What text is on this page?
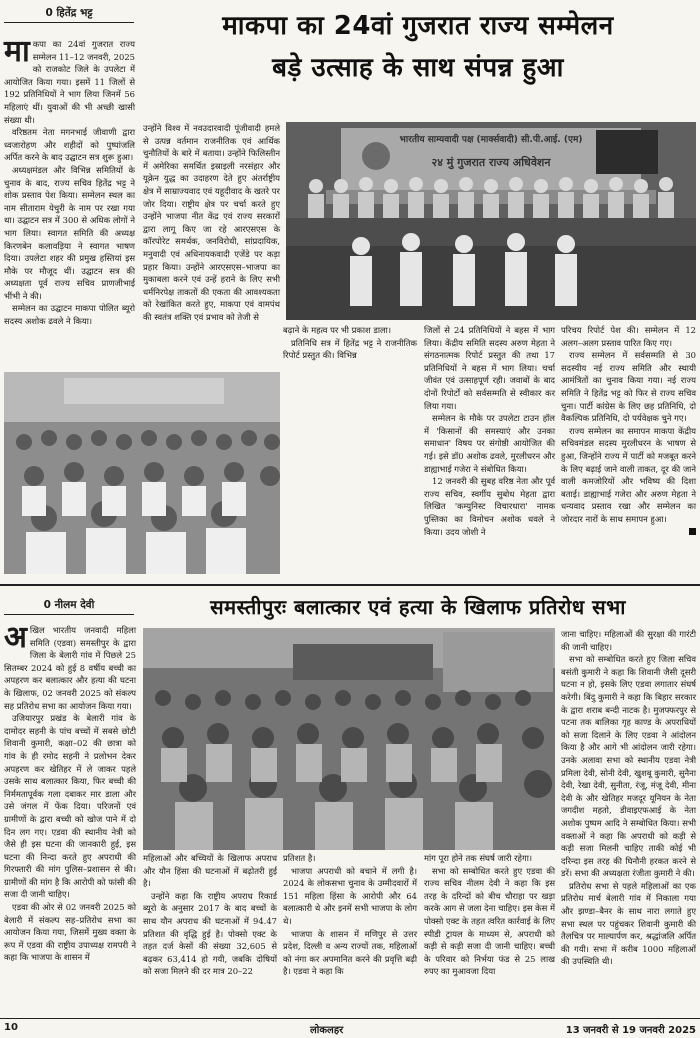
0 हितेंद्र भट्ट	माकपा का 24वां गुजरात राज्य सम्मेलन
बड़े उत्साह के साथ संपन्न हुआ

माकपा का 24वां गुजरात राज्य सम्मेलन 11–12 जनवरी, 2025 को राजकोट जिले के उपलेटा में आयोजित किया गया। इसमें 11 जिलों से 192 प्रतिनिधियों ने भाग लिया जिनमें 56 महिलाएं थीं। युवाओं की भी अच्छी खासी संख्या थी।

वरिष्ठतम नेता मगनभाई जीवाणी द्वारा ध्वजारोहण और शहीदों को पुष्पांजलि अर्पित करने के बाद उद्घाटन सत्र शुरू हुआ।

अध्यक्षमंडल और विभिन्न समितियों के चुनाव के बाद, राज्य सचिव हितेंद्र भट्ट ने शोक प्रस्ताव पेश किया। सम्मेलन स्थल का नाम सीताराम येचुरी के नाम पर रखा गया था। उद्घाटन सत्र में 300 से अधिक लोगों ने भाग लिया। स्वागत समिति की अध्यक्ष किरणबेन कलावड़िया ने स्वागत भाषण दिया। उपलेटा शहर की प्रमुख हस्तियां इस मौके पर मौजूद थीं। उद्घाटन सत्र की अध्यक्षता पूर्व राज्य सचिव प्राणजीभाई भींभी ने की।

सम्मेलन का उद्घाटन माकपा पोलित ब्यूरो सदस्य अशोक ढवले ने किया।

उन्होंने विश्व में नवउदारवादी पूंजीवादी हमले से उत्पन्न वर्तमान राजनीतिक एवं आर्थिक चुनौतियों के बारे में बताया। उन्होंने फिलिस्तीन में अमेरिका समर्थित इस्राइली नरसंहार और यूक्रेन युद्ध का उदाहरण देते हुए अंतर्राष्ट्रीय क्षेत्र में साम्राज्यवाद एवं यहूदीवाद के खतरे पर जोर दिया। राष्ट्रीय क्षेत्र पर चर्चा करते हुए उन्होंने भाजपा नीत केंद्र एवं राज्य सरकारों द्वारा लागू किए जा रहे आरएसएस के कॉरपोरेट समर्थक, जनविरोधी, सांप्रदायिक, मनुवादी एवं अधिनायकवादी एजेंडे पर कड़ा प्रहार किया। उन्होंने आरएसएस–भाजपा का मुकाबला करने एवं उन्हें हराने के लिए सभी धर्मनिरपेक्ष ताकतों की एकता की आवश्यकता को रेखांकित करते हुए, माकपा एवं वामपंथ की स्वतंत्र शक्ति एवं प्रभाव को तेजी से

बढ़ाने के महत्व पर भी प्रकाश डाला।

प्रतिनिधि सत्र में हितेंद्र भट्ट ने राजनीतिक रिपोर्ट प्रस्तुत की। विभिन्न

जिलों से 24 प्रतिनिधियों ने बहस में भाग लिया। केंद्रीय समिति सदस्य अरुण मेहता ने संगठनात्मक रिपोर्ट प्रस्तुत की तथा 17 प्रतिनिधियों ने बहस में भाग लिया। चर्चा जीवंत एवं उत्साहपूर्ण रही। जवाबों के बाद दोनों रिपोर्टों को सर्वसम्मति से स्वीकार कर लिया गया।

सम्मेलन के मौके पर उपलेटा टाउन हॉल में 'किसानों की समस्याएं और उनका समाधान' विषय पर संगोष्ठी आयोजित की गई। इसे डॉ0 अशोक ढवले, मुरलीधरन और डाह्याभाई गजेरा ने संबोधित किया।

12 जनवरी की सुबह वरिष्ठ नेता और पूर्व राज्य सचिव, स्वर्गीय सुबोध मेहता द्वारा लिखित 'कम्युनिस्ट विचारधारा' नामक पुस्तिका का विमोचन अशोक धवले ने किया। उदय जोशी ने

परिचय रिपोर्ट पेश की। सम्मेलन में 12 अलग–अलग प्रस्ताव पारित किए गए।

राज्य सम्मेलन में सर्वसम्मति से 30 सदस्यीय नई राज्य समिति और स्थायी आमंत्रितों का चुनाव किया गया। नई राज्य समिति ने हितेंद्र भट्ट को फिर से राज्य सचिव चुना। पार्टी कांग्रेस के लिए छह प्रतिनिधि, दो वैकल्पिक प्रतिनिधि, दो पर्यवेक्षक चुने गए।

राज्य सम्मेलन का समापन माकपा केंद्रीय सचिवमंडल सदस्य मुरलीधरन के भाषण से हुआ, जिन्होंने राज्य में पार्टी को मजबूत करने के लिए बढ़ाई जाने वाली ताकत, दूर की जाने वाली कमजोरियों और भविष्य की दिशा बताई। डाह्याभाई गजेरा और अरुण मेहता ने धन्यवाद प्रस्ताव रखा और सम्मेलन का जोरदार नारों के साथ समापन हुआ।

भारतीय साम्यवादी पक्ष (मार्क्सवादी) सी.पी.आई. (एम)
२४ मुं गुजरात राज्य अधिवेशन
0 नीलम देवी	समस्तीपुरः बलात्कार एवं हत्या के खिलाफ प्रतिरोध सभा

अखिल भारतीय जनवादी महिला समिति (एडवा) समस्तीपुर के द्वारा जिला के बेलारी गांव में पिछले 25 सितम्बर 2024 को हुई 8 वर्षीय बच्ची का अपहरण कर बलात्कार और हत्या की घटना के खिलाफ, 02 जनवरी 2025 को संकल्प सह प्रतिरोध सभा का आयोजन किया गया।

उजियारपुर प्रखंड के बेलारी गांव के दामोदर सहनी के पांच बच्चों में सबसे छोटी शिवानी कुमारी, कक्षा–02 की छात्रा को गांव के ही रमोद सहनी ने प्रलोभन देकर अपहरण कर खेतिहर में ले जाकर पहले उसके साथ बलात्कार किया, फिर बच्ची की निर्ममतापूर्वक गला दबाकर मार डाला और उसे जंगल में फेंक दिया। परिजनों एवं ग्रामीणों के द्वारा बच्ची को खोज पाने में दो दिन लग गए। एडवा की स्थानीय नेत्री को जैसे ही इस घटना की जानकारी हुई, इस घटना की निन्दा करते हुए अपराधी की गिरफ्तारी की मांग पुलिस–प्रशासन से की। ग्रामीणों की मांग है कि आरोपी को फांसी की सजा दी जानी चाहिए।

एडवा की ओर से 02 जनवरी 2025 को बेलारी में संकल्प सह–प्रतिरोध सभा का आयोजन किया गया, जिसमें मुख्य वक्ता के रूप में एडवा की राष्ट्रीय उपाध्यक्ष रामपरी ने कहा कि भाजपा के शासन में

महिलाओं और बच्चियों के खिलाफ अपराध और यौन हिंसा की घटनाओं में बढ़ोतरी हुई है।

उन्होंने कहा कि राष्ट्रीय अपराध रिकार्ड ब्यूरो के अनुसार 2017 के बाद बच्चों के साथ यौन अपराध की घटनाओं में 94.47 प्रतिशत की वृद्धि हुई है। पोक्सो एक्ट के तहत दर्ज केसों की संख्या 32,605 से बढ़कर 63,414 हो गयी, जबकि दोषियों को सजा मिलने की दर मात्र 20–22

प्रतिशत है।

भाजपा अपराधी को बचाने में लगी है। 2024 के लोकसभा चुनाव के उम्मीदवारों में 151 महिला हिंसा के आरोपी और 64 बलात्कारी थे और इनमें सभी भाजपा के लोग थे।

भाजपा के शासन में मणिपुर से उत्तर प्रदेश, दिल्ली व अन्य राज्यों तक, महिलाओं को नंगा कर अपमानित करने की प्रवृत्ति बढ़ी है। एडवा ने कहा कि

मांग पूरा होने तक संघर्ष जारी रहेगा।

सभा को सम्बोधित करते हुए एडवा की राज्य सचिव नीलम देवी ने कहा कि इस तरह के दरिन्दों को बीच चौराहा पर खड़ा करके आग से जला देना चाहिए। इस केस में पोक्सो एक्ट के तहत त्वरित कार्रवाई के लिए स्पीडी ट्रायल के माध्यम से, अपराधी को कड़ी से कड़ी सजा दी जानी चाहिए। बच्ची के परिवार को निर्भया फंड से 25 लाख रुपए का मुआवजा दिया

जाना चाहिए। महिलाओं की सुरक्षा की गारंटी की जानी चाहिए।

सभा को सम्बोधित करते हुए जिला सचिव बसंती कुमारी ने कहा कि शिवानी जैसी दूसरी घटना न हो, इसके लिए एडवा लगातार संघर्ष करेगी। बिंदु कुमारी ने कहा कि बिहार सरकार के द्वारा शराब बन्दी नाटक है। मुजफ्फरपुर से पटना तक बालिका गृह काण्ड के अपराधियों को सजा दिलाने के लिए एडवा ने आंदोलन किया है और आगे भी आंदोलन जारी रहेगा। उनके अलावा सभा को स्थानीय एडवा नेत्री प्रमिला देवी, सोनी देवी, खुशबू कुमारी, सुनैना देवी, रेखा देवी, सुनीता, रंजू, मंजू देवी, मीना देवी के और खेतिहर मजदूर यूनियन के नेता जगदीश महतो, डीवाइएफआई के नेता अशोक पुष्पम आदि ने सम्बोधित किया। सभी वक्ताओं ने कहा कि अपराधी को कड़ी से कड़ी सजा मिलनी चाहिए ताकी कोई भी दरिन्दा इस तरह की घिनौनी हरकत करने से डरें। सभा की अध्यक्षता रंजीता कुमारी ने की।

प्रतिरोध सभा से पहले महिलाओं का एक प्रतिरोध मार्च बेलारी गांव में निकाला गया और झण्डा–बैनर के साथ नारा लगाते हुए सभा स्थल पर पहुंचकर शिवानी कुमारी की तैलचित्र पर माल्यार्पण कर, श्रद्धांजलि अर्पित की गयी। सभा में करीब 1000 महिलाओं की उपस्थिति थी।

10	लोकलहर	13 जनवरी से 19 जनवरी 2025
